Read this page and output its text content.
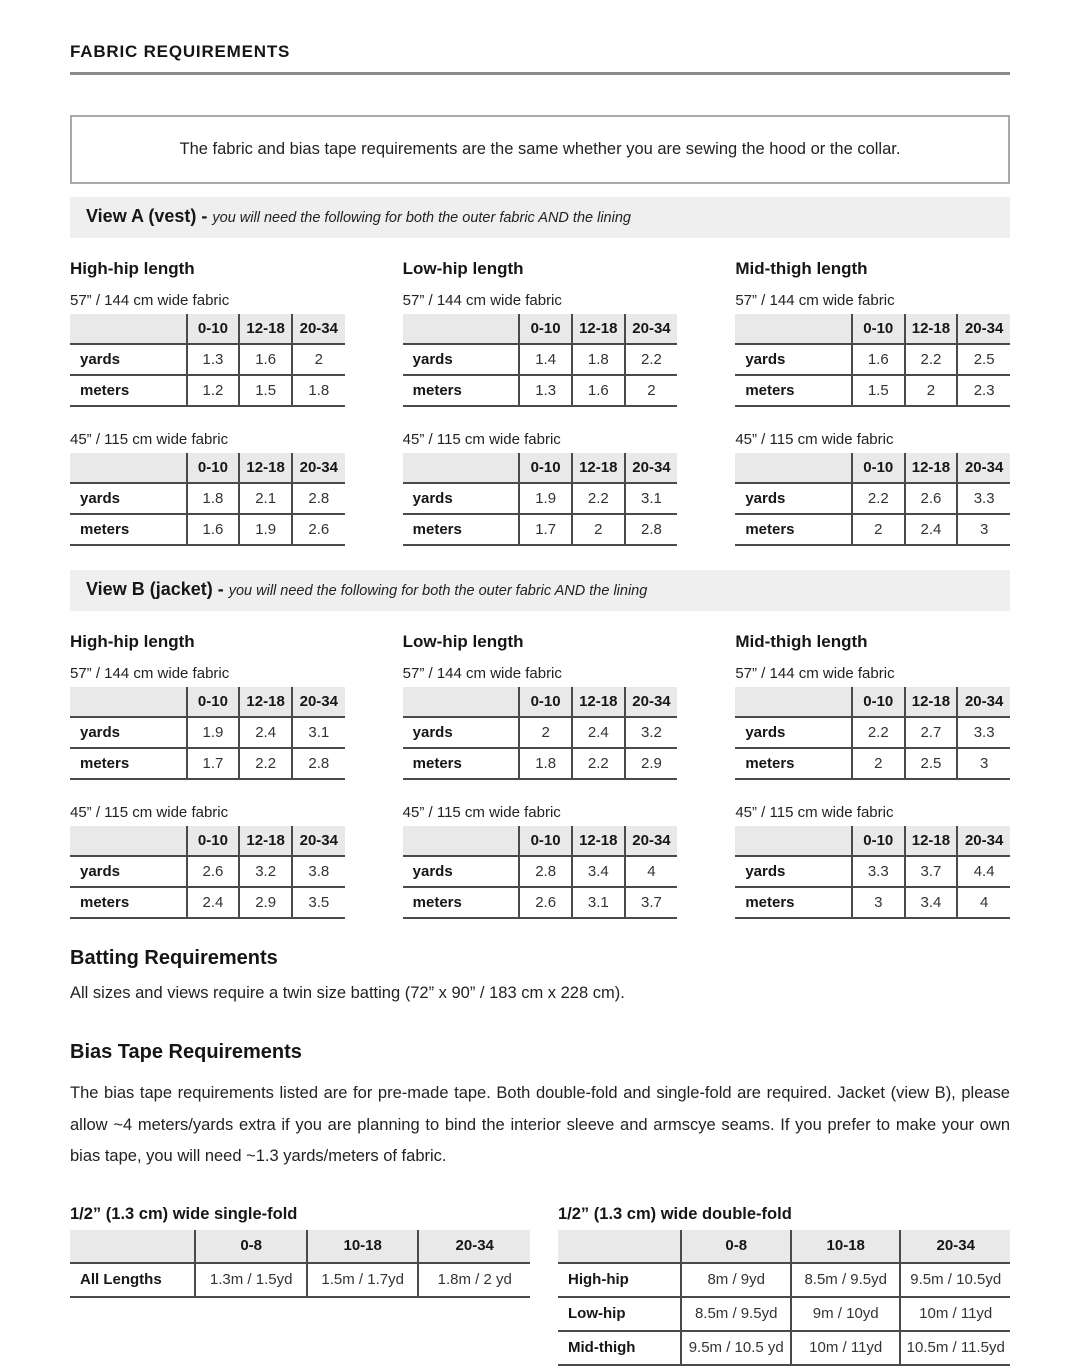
FABRIC REQUIREMENTS
The fabric and bias tape requirements are the same whether you are sewing the hood or the collar.
View A (vest) - you will need the following for both the outer fabric AND the lining
High-hip length

57” / 144 cm wide fabric

	0-10	12-18	20-34
yards	1.3	1.6	2
meters	1.2	1.5	1.8

45” / 115 cm wide fabric

	0-10	12-18	20-34
yards	1.8	2.1	2.8
meters	1.6	1.9	2.6
Low-hip length

57” / 144 cm wide fabric

	0-10	12-18	20-34
yards	1.4	1.8	2.2
meters	1.3	1.6	2

45” / 115 cm wide fabric

	0-10	12-18	20-34
yards	1.9	2.2	3.1
meters	1.7	2	2.8
Mid-thigh length

57” / 144 cm wide fabric

	0-10	12-18	20-34
yards	1.6	2.2	2.5
meters	1.5	2	2.3

45” / 115 cm wide fabric

	0-10	12-18	20-34
yards	2.2	2.6	3.3
meters	2	2.4	3
View B (jacket) - you will need the following for both the outer fabric AND the lining
High-hip length

57” / 144 cm wide fabric

	0-10	12-18	20-34
yards	1.9	2.4	3.1
meters	1.7	2.2	2.8

45” / 115 cm wide fabric

	0-10	12-18	20-34
yards	2.6	3.2	3.8
meters	2.4	2.9	3.5
Low-hip length

57” / 144 cm wide fabric

	0-10	12-18	20-34
yards	2	2.4	3.2
meters	1.8	2.2	2.9

45” / 115 cm wide fabric

	0-10	12-18	20-34
yards	2.8	3.4	4
meters	2.6	3.1	3.7
Mid-thigh length

57” / 144 cm wide fabric

	0-10	12-18	20-34
yards	2.2	2.7	3.3
meters	2	2.5	3

45” / 115 cm wide fabric

	0-10	12-18	20-34
yards	3.3	3.7	4.4
meters	3	3.4	4
Batting Requirements

All sizes and views require a twin size batting (72” x 90” / 183 cm x 228 cm).

Bias Tape Requirements

The bias tape requirements listed are for pre-made tape. Both double-fold and single-fold are required. Jacket (view B), please allow ~4 meters/yards extra if you are planning to bind the interior sleeve and armscye seams. If you prefer to make your own bias tape, you will need ~1.3 yards/meters of fabric.

1/2” (1.3 cm) wide single-fold
	0-8	10-18	20-34
All Lengths	1.3m / 1.5yd	1.5m / 1.7yd	1.8m / 2 yd
1/2” (1.3 cm) wide double-fold
	0-8	10-18	20-34
High-hip	8m / 9yd	8.5m / 9.5yd	9.5m / 10.5yd
Low-hip	8.5m / 9.5yd	9m / 10yd	10m / 11yd
Mid-thigh	9.5m / 10.5 yd	10m / 11yd	10.5m / 11.5yd
